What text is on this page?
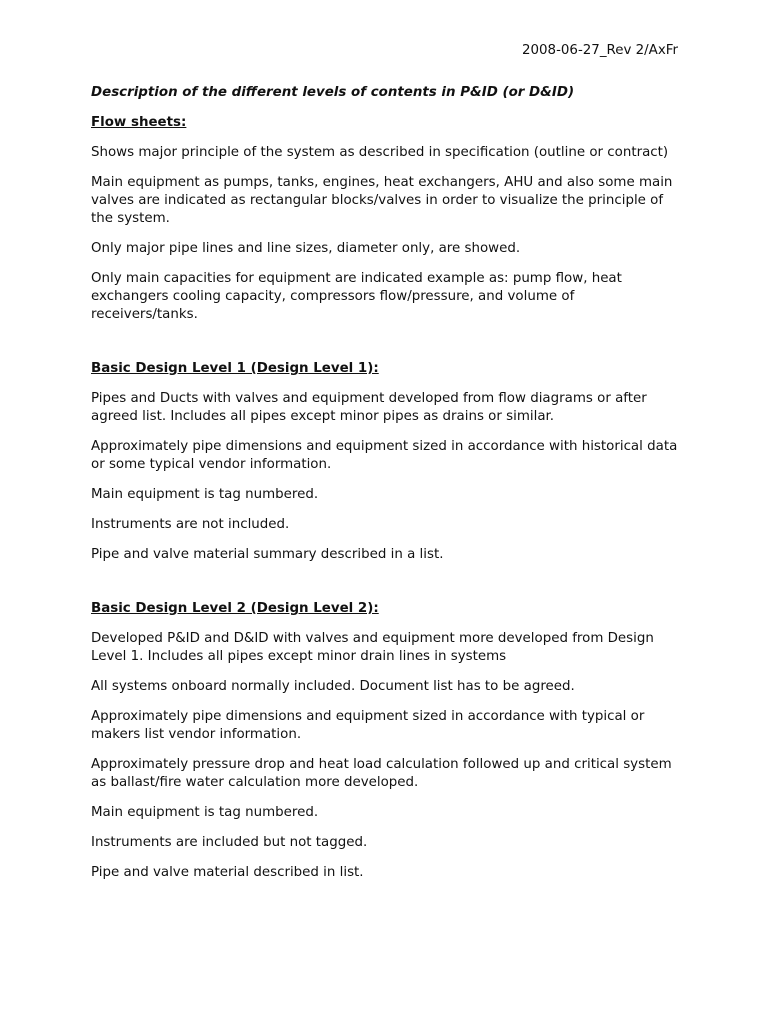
2008-06-27_Rev 2/AxFr
Description of the different levels of contents in P&ID (or D&ID)
Flow sheets:

Shows major principle of the system as described in specification (outline or contract)

Main equipment as pumps, tanks, engines, heat exchangers, AHU and also some main valves are indicated as rectangular blocks/valves in order to visualize the principle of the system.

Only major pipe lines and line sizes, diameter only, are showed.

Only main capacities for equipment are indicated example as: pump flow, heat exchangers cooling capacity, compressors flow/pressure, and volume of receivers/tanks.

Basic Design Level 1 (Design Level 1):

Pipes and Ducts with valves and equipment developed from flow diagrams or after agreed list. Includes all pipes except minor pipes as drains or similar.

Approximately pipe dimensions and equipment sized in accordance with historical data or some typical vendor information.

Main equipment is tag numbered.

Instruments are not included.

Pipe and valve material summary described in a list.

Basic Design Level 2 (Design Level 2):

Developed P&ID and D&ID with valves and equipment more developed from Design Level 1. Includes all pipes except minor drain lines in systems

All systems onboard normally included. Document list has to be agreed.

Approximately pipe dimensions and equipment sized in accordance with typical or makers list vendor information.

Approximately pressure drop and heat load calculation followed up and critical system as ballast/fire water calculation more developed.

Main equipment is tag numbered.

Instruments are included but not tagged.

Pipe and valve material described in list.
